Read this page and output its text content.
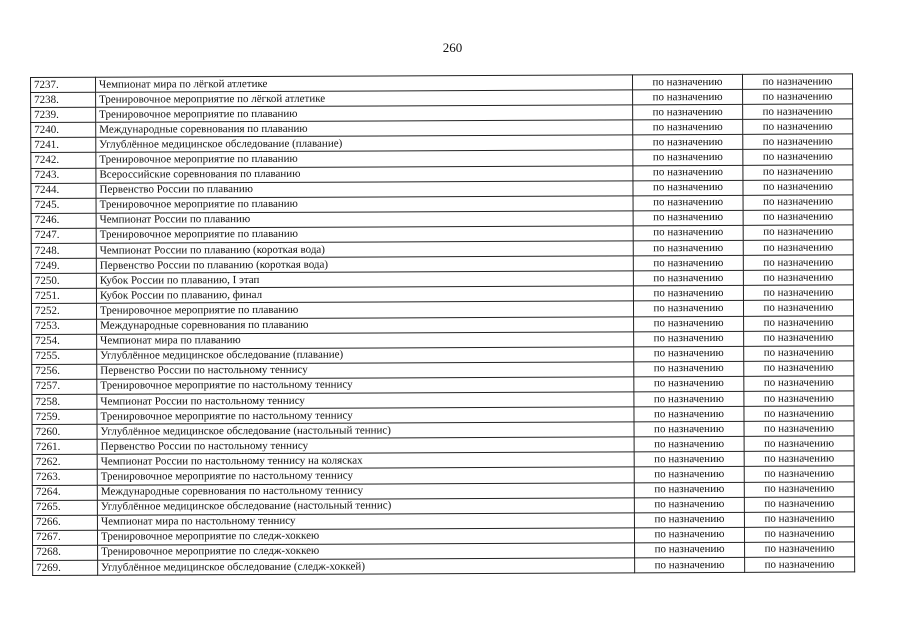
260
7237.	Чемпионат мира по лёгкой атлетике	по назначению	по назначению
7238.	Тренировочное мероприятие по лёгкой атлетике	по назначению	по назначению
7239.	Тренировочное мероприятие по плаванию	по назначению	по назначению
7240.	Международные соревнования по плаванию	по назначению	по назначению
7241.	Углублённое медицинское обследование (плавание)	по назначению	по назначению
7242.	Тренировочное мероприятие по плаванию	по назначению	по назначению
7243.	Всероссийские соревнования по плаванию	по назначению	по назначению
7244.	Первенство России по плаванию	по назначению	по назначению
7245.	Тренировочное мероприятие по плаванию	по назначению	по назначению
7246.	Чемпионат России по плаванию	по назначению	по назначению
7247.	Тренировочное мероприятие по плаванию	по назначению	по назначению
7248.	Чемпионат России по плаванию (короткая вода)	по назначению	по назначению
7249.	Первенство России по плаванию (короткая вода)	по назначению	по назначению
7250.	Кубок России по плаванию, I этап	по назначению	по назначению
7251.	Кубок России по плаванию, финал	по назначению	по назначению
7252.	Тренировочное мероприятие по плаванию	по назначению	по назначению
7253.	Международные соревнования по плаванию	по назначению	по назначению
7254.	Чемпионат мира по плаванию	по назначению	по назначению
7255.	Углублённое медицинское обследование (плавание)	по назначению	по назначению
7256.	Первенство России по настольному теннису	по назначению	по назначению
7257.	Тренировочное мероприятие по настольному теннису	по назначению	по назначению
7258.	Чемпионат России по настольному теннису	по назначению	по назначению
7259.	Тренировочное мероприятие по настольному теннису	по назначению	по назначению
7260.	Углублённое медицинское обследование (настольный теннис)	по назначению	по назначению
7261.	Первенство России по настольному теннису	по назначению	по назначению
7262.	Чемпионат России по настольному теннису на колясках	по назначению	по назначению
7263.	Тренировочное мероприятие по настольному теннису	по назначению	по назначению
7264.	Международные соревнования по настольному теннису	по назначению	по назначению
7265.	Углублённое медицинское обследование (настольный теннис)	по назначению	по назначению
7266.	Чемпионат мира по настольному теннису	по назначению	по назначению
7267.	Тренировочное мероприятие по следж-хоккею	по назначению	по назначению
7268.	Тренировочное мероприятие по следж-хоккею	по назначению	по назначению
7269.	Углублённое медицинское обследование (следж-хоккей)	по назначению	по назначению
